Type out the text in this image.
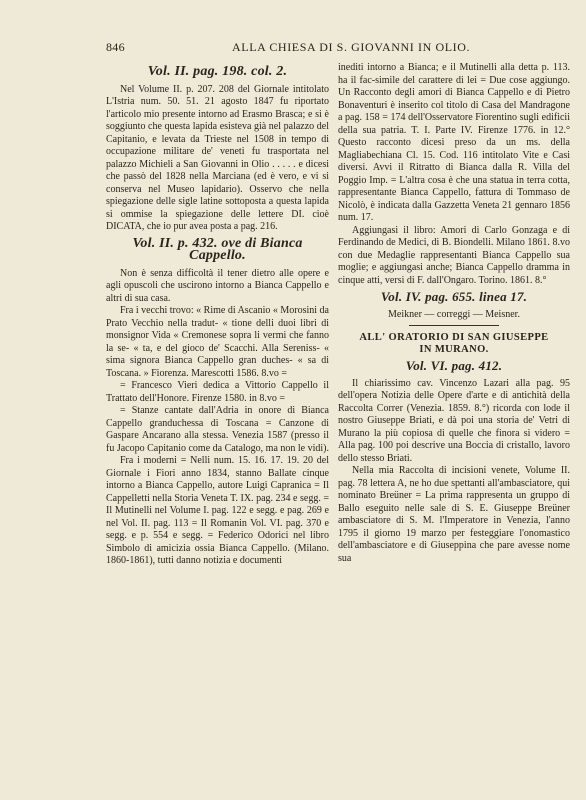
846	ALLA CHIESA DI S. GIOVANNI IN OLIO.
Vol. II. pag. 198. col. 2.

Nel Volume II. p. 207. 208 del Giornale intitolato L'Istria num. 50. 51. 21 agosto 1847 fu riportato l'articolo mio presente intorno ad Erasmo Brasca; e si è soggiunto che questa lapida esisteva già nel palazzo del Capitanio, e levata da Trieste nel 1508 in tempo di occupazione militare de' veneti fu trasportata nel palazzo Michieli a San Giovanni in Olio . . . . . e dicesi che passò del 1828 nella Marciana (ed è vero, e vi si conserva nel Museo lapidario). Osservo che nella spiegazione delle sigle latine sottoposta a questa lapida si ommise la spiegazione delle lettere DI. cioè DICATA, che io pur avea posta a pag. 216.

Vol. II. p. 432. ove di Bianca Cappello.

Non è senza difficoltà il tener dietro alle opere e agli opuscoli che uscirono intorno a Bianca Cappello e altri di sua casa.

Fra i vecchi trovo: « Rime di Ascanio « Morosini da Prato Vecchio nella tradut- « tione delli duoi libri di monsignor Vida « Cremonese sopra li vermi che fanno la se- « ta, e del gioco de' Scacchi. Alla Sereniss- « sima signora Bianca Cappello gran duches- « sa di Toscana. » Fiorenza. Marescotti 1586. 8.vo =

= Francesco Vieri dedica a Vittorio Cappello il Trattato dell'Honore. Firenze 1580. in 8.vo =

= Stanze cantate dall'Adria in onore di Bianca Cappello granduchessa di Toscana = Canzone di Gaspare Ancarano alla stessa. Venezia 1587 (presso il fu Jacopo Capitanio come da Catalogo, ma non le vidi).

Fra i moderni = Nelli num. 15. 16. 17. 19. 20 del Giornale i Fiori anno 1834, stanno Ballate cinque intorno a Bianca Cappello, autore Luigi Capranica = Il Cappelletti nella Storia Veneta T. IX. pag. 234 e segg. = Il Mutinelli nel Volume I. pag. 122 e segg. e pag. 269 e nel Vol. II. pag. 113 = Il Romanin Vol. VI. pag. 370 e segg. e p. 554 e segg. = Federico Odorici nel libro Simbolo di amicizia ossia Bianca Cappello. (Milano. 1860-1861), tutti danno notizia e documenti

inediti intorno a Bianca; e il Mutinelli alla detta p. 113. ha il fac-simile del carattere di lei = Due cose aggiungo. Un Racconto degli amori di Bianca Cappello e di Pietro Bonaventuri è inserito col titolo di Casa del Mandragone a pag. 158 = 174 dell'Osservatore Fiorentino sugli edificii della sua patria. T. I. Parte IV. Firenze 1776. in 12.° Questo racconto dicesi preso da un ms. della Magliabechiana Cl. 15. Cod. 116 intitolato Vite e Casi diversi. Avvi il Ritratto di Bianca dalla R. Villa del Poggio Imp. = L'altra cosa è che una statua in terra cotta, rappresentante Bianca Cappello, fattura di Tommaso de Nicolò, è indicata dalla Gazzetta Veneta 21 gennaro 1856 num. 17.

Aggiungasi il libro: Amori di Carlo Gonzaga e di Ferdinando de Medici, di B. Biondelli. Milano 1861. 8.vo con due Medaglie rappresentanti Bianca Cappello sua moglie; e aggiungasi anche; Bianca Cappello dramma in cinque atti, versi di F. dall'Ongaro. Torino. 1861. 8.°

Vol. IV. pag. 655. linea 17.
Meikner — correggi — Meisner.
ALL' ORATORIO DI SAN GIUSEPPE
IN MURANO.
Vol. VI. pag. 412.

Il chiarissimo cav. Vincenzo Lazari alla pag. 95 dell'opera Notizia delle Opere d'arte e di antichità della Raccolta Correr (Venezia. 1859. 8.°) ricorda con lode il nostro Giuseppe Briati, e dà poi una storia de' Vetri di Murano la più copiosa di quelle che finora si videro = Alla pag. 100 poi descrive una Boccia di cristallo, lavoro dello stesso Briati.

Nella mia Raccolta di incisioni venete, Volume II. pag. 78 lettera A, ne ho due spettanti all'ambasciatore, qui nominato Breüner = La prima rappresenta un gruppo di Ballo eseguito nelle sale di S. E. Giuseppe Breüner ambasciatore di S. M. l'Imperatore in Venezia, l'anno 1795 il giorno 19 marzo per festeggiare l'onomastico dell'ambasciatore e di Giuseppina che pare avesse nome sua
